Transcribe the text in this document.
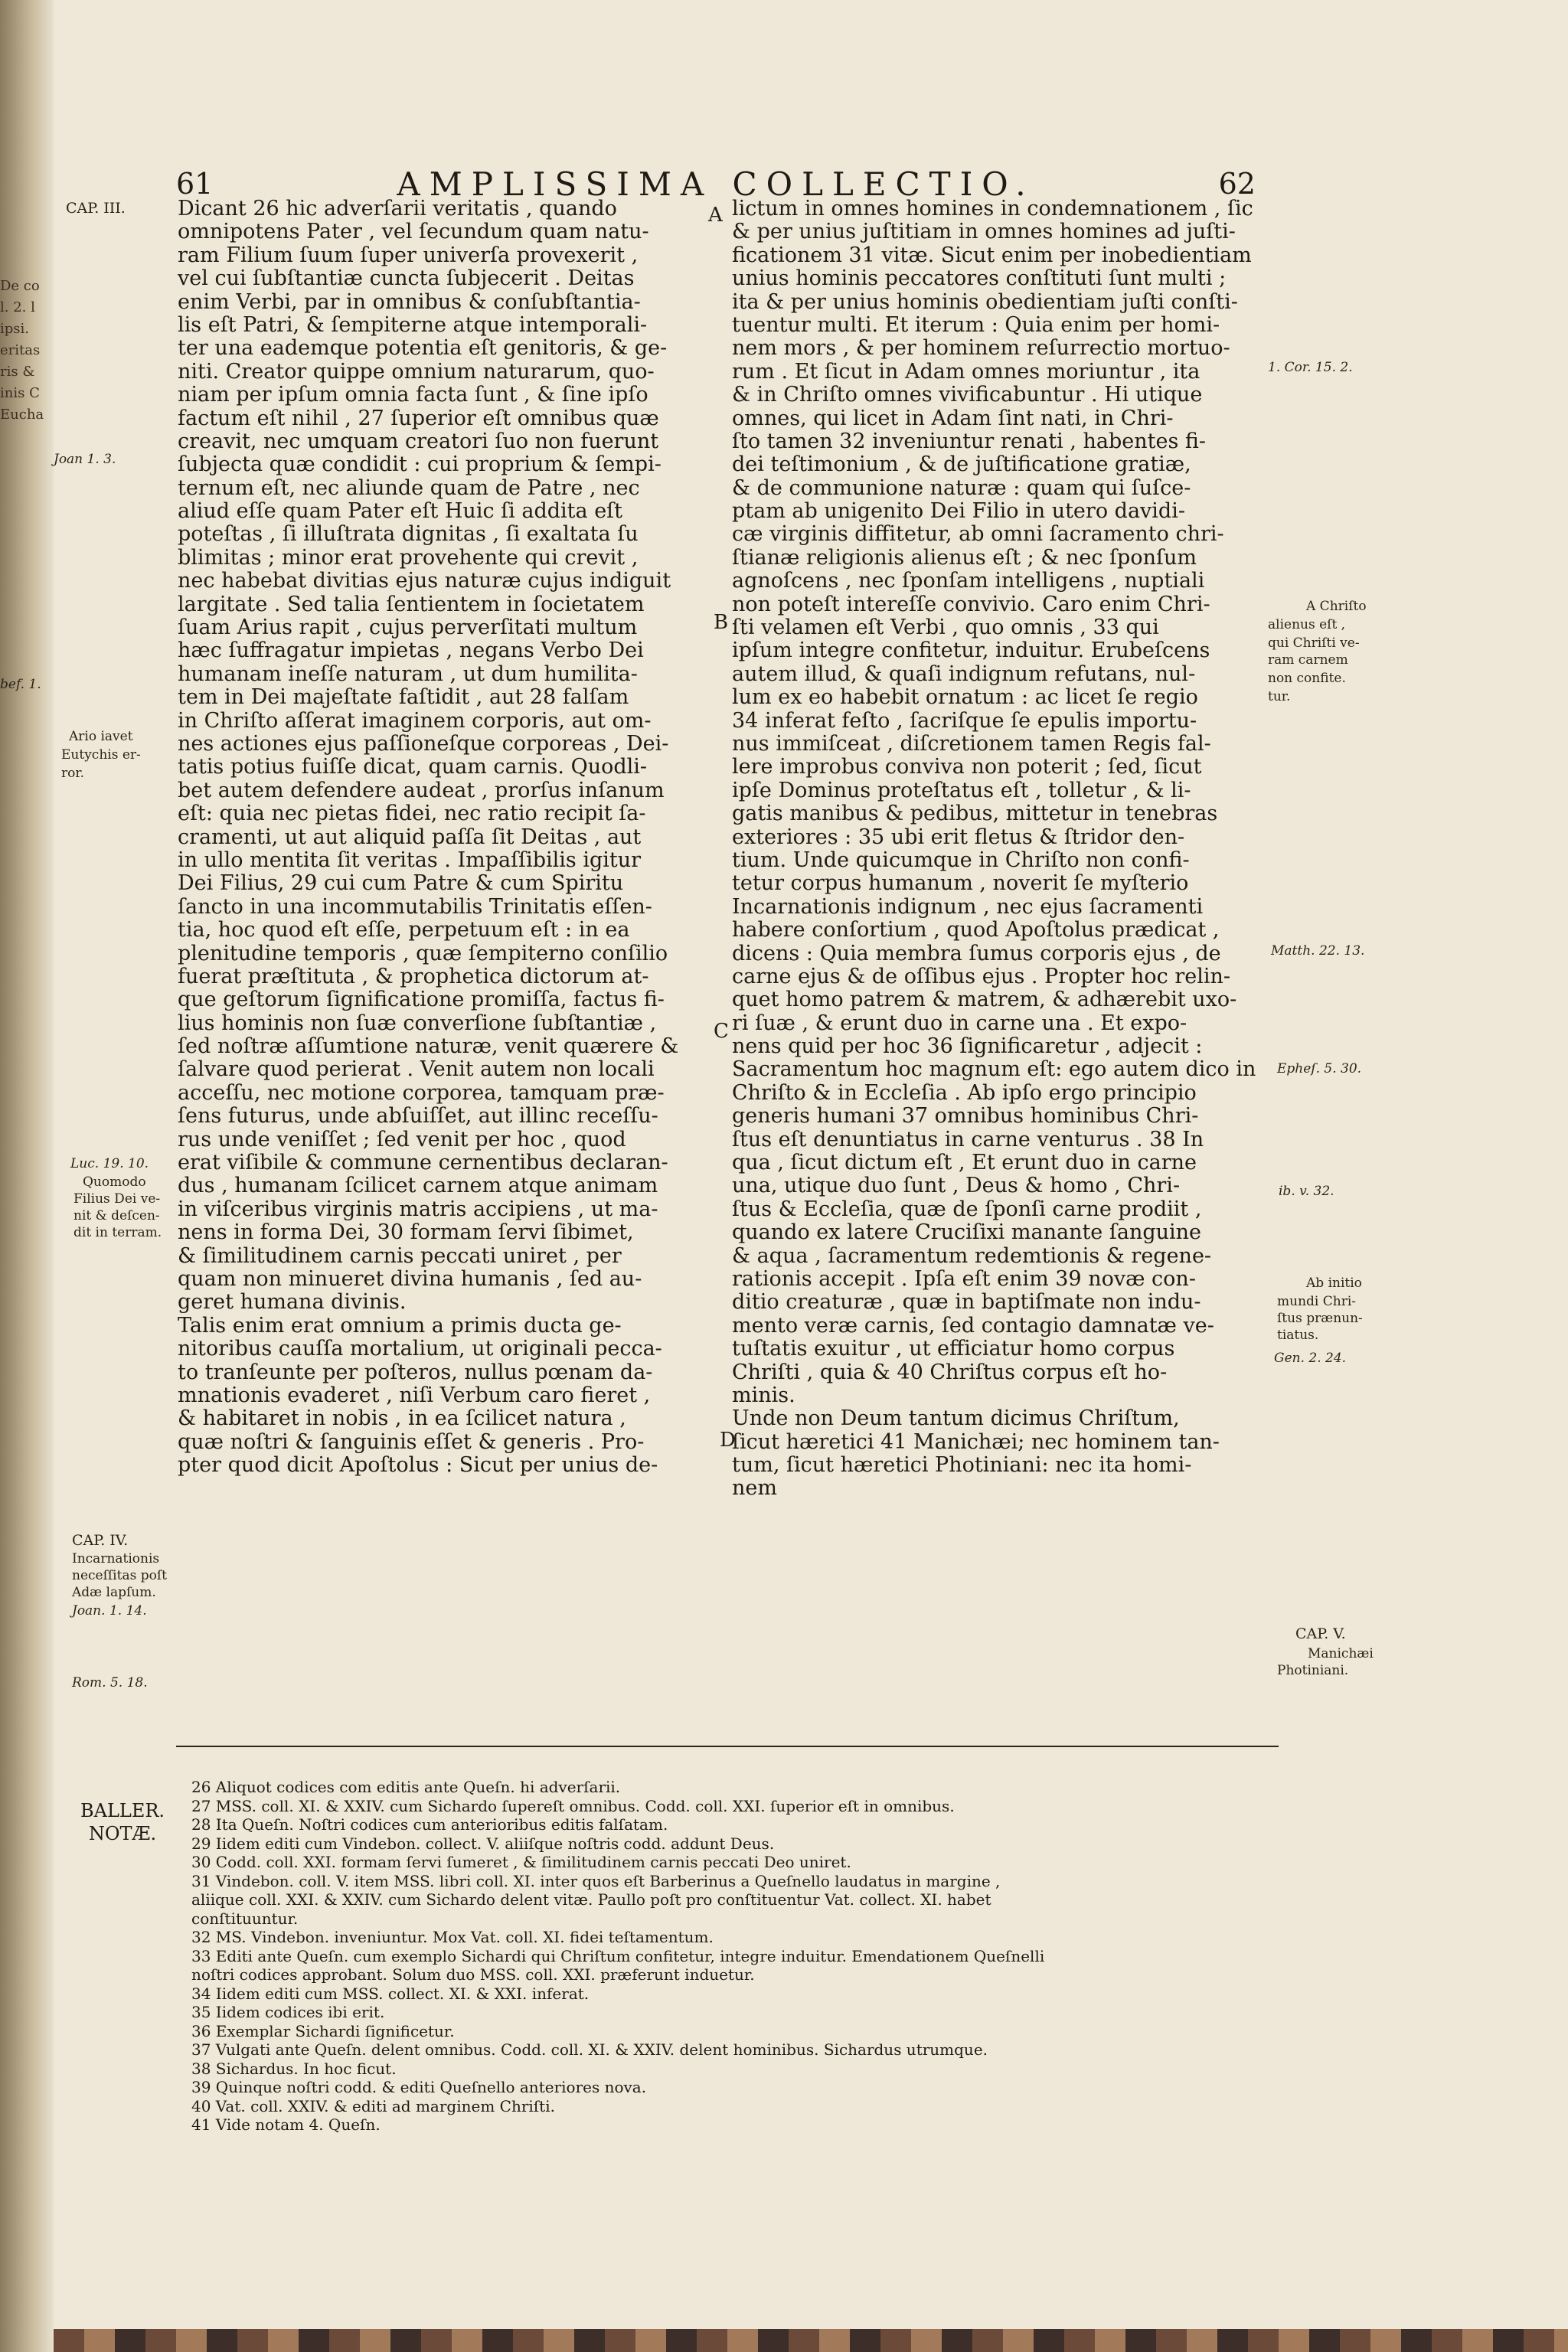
De co
l. 2. l
ipsi.
eritas
ris &
inis C
Eucha
61	AMPLISSIMA COLLECTIO.	62
Dicant 26 hic adverſarii veritatis , quando
omnipotens Pater , vel ſecundum quam natu-
ram Filium ſuum ſuper univerſa provexerit ,
vel cui ſubſtantiæ cuncta ſubjecerit . Deitas
enim Verbi, par in omnibus & conſubſtantia-
lis eſt Patri, & ſempiterne atque intemporali-
ter una eademque potentia eſt genitoris, & ge-
niti. Creator quippe omnium naturarum, quo-
niam per ipſum omnia facta ſunt , & ſine ipſo
factum eſt nihil , 27 ſuperior eſt omnibus quæ
creavit, nec umquam creatori ſuo non fuerunt
ſubjecta quæ condidit : cui proprium & ſempi-
ternum eſt, nec aliunde quam de Patre , nec
aliud eſſe quam Pater eſt Huic ſi addita eſt
poteſtas , ſi illuſtrata dignitas , ſi exaltata ſu
blimitas ; minor erat provehente qui crevit ,
nec habebat divitias ejus naturæ cujus indiguit
largitate . Sed talia ſentientem in ſocietatem
ſuam Arius rapit , cujus perverſitati multum
hæc ſuffragatur impietas , negans Verbo Dei
humanam ineſſe naturam , ut dum humilita-
tem in Dei majeſtate faſtidit , aut 28 falſam
in Chriſto aſſerat imaginem corporis, aut om-
nes actiones ejus paſſioneſque corporeas , Dei-
tatis potius fuiſſe dicat, quam carnis. Quodli-
bet autem defendere audeat , prorſus inſanum
eſt: quia nec pietas fidei, nec ratio recipit ſa-
cramenti, ut aut aliquid paſſa ſit Deitas , aut
in ullo mentita ſit veritas . Impaſſibilis igitur
Dei Filius, 29 cui cum Patre & cum Spiritu
ſancto in una incommutabilis Trinitatis eſſen-
tia, hoc quod eſt eſſe, perpetuum eſt : in ea
plenitudine temporis , quæ ſempiterno conſilio
fuerat præſtituta , & prophetica dictorum at-
que geſtorum ſignificatione promiſſa, factus fi-
lius hominis non ſuæ converſione ſubſtantiæ ,
ſed noſtræ aſſumtione naturæ, venit quærere &
ſalvare quod perierat . Venit autem non locali
acceſſu, nec motione corporea, tamquam præ-
ſens futurus, unde abſuiſſet, aut illinc receſſu-
rus unde veniſſet ; ſed venit per hoc , quod
erat viſibile & commune cernentibus declaran-
dus , humanam ſcilicet carnem atque animam
in viſceribus virginis matris accipiens , ut ma-
nens in forma Dei, 30 formam ſervi ſibimet,
& ſimilitudinem carnis peccati uniret , per
quam non minueret divina humanis , ſed au-
geret humana divinis.
Talis enim erat omnium a primis ducta ge-
nitoribus cauſſa mortalium, ut originali pecca-
to tranſeunte per poſteros, nullus pœnam da-
mnationis evaderet , niſi Verbum caro fieret ,
& habitaret in nobis , in ea ſcilicet natura ,
quæ noſtri & ſanguinis eſſet & generis . Pro-
pter quod dicit Apoſtolus : Sicut per unius de-
lictum in omnes homines in condemnationem , ſic
& per unius juſtitiam in omnes homines ad juſti-
ficationem 31 vitæ. Sicut enim per inobedientiam
unius hominis peccatores conſtituti ſunt multi ;
ita & per unius hominis obedientiam juſti conſti-
tuentur multi. Et iterum : Quia enim per homi-
nem mors , & per hominem reſurrectio mortuo-
rum . Et ſicut in Adam omnes moriuntur , ita
& in Chriſto omnes vivificabuntur . Hi utique
omnes, qui licet in Adam ſint nati, in Chri-
ſto tamen 32 inveniuntur renati , habentes fi-
dei teſtimonium , & de juſtificatione gratiæ,
& de communione naturæ : quam qui ſuſce-
ptam ab unigenito Dei Filio in utero davidi-
cæ virginis diffitetur, ab omni ſacramento chri-
ſtianæ religionis alienus eſt ; & nec ſponſum
agnoſcens , nec ſponſam intelligens , nuptiali
non poteſt intereſſe convivio. Caro enim Chri-
ſti velamen eſt Verbi , quo omnis , 33 qui
ipſum integre confitetur, induitur. Erubeſcens
autem illud, & quaſi indignum refutans, nul-
lum ex eo habebit ornatum : ac licet ſe regio
34 inferat feſto , ſacriſque ſe epulis importu-
nus immiſceat , diſcretionem tamen Regis fal-
lere improbus conviva non poterit ; ſed, ſicut
ipſe Dominus proteſtatus eſt , tolletur , & li-
gatis manibus & pedibus, mittetur in tenebras
exteriores : 35 ubi erit fletus & ſtridor den-
tium. Unde quicumque in Chriſto non confi-
tetur corpus humanum , noverit ſe myſterio
Incarnationis indignum , nec ejus ſacramenti
habere conſortium , quod Apoſtolus prædicat ,
dicens : Quia membra ſumus corporis ejus , de
carne ejus & de oſſibus ejus . Propter hoc relin-
quet homo patrem & matrem, & adhærebit uxo-
ri ſuæ , & erunt duo in carne una . Et expo-
nens quid per hoc 36 ſignificaretur , adjecit :
Sacramentum hoc magnum eſt: ego autem dico in
Chriſto & in Eccleſia . Ab ipſo ergo principio
generis humani 37 omnibus hominibus Chri-
ſtus eſt denuntiatus in carne venturus . 38 In
qua , ſicut dictum eſt , Et erunt duo in carne
una, utique duo ſunt , Deus & homo , Chri-
ſtus & Eccleſia, quæ de ſponſi carne prodiit ,
quando ex latere Cruciſixi manante ſanguine
& aqua , ſacramentum redemtionis & regene-
rationis accepit . Ipſa eſt enim 39 novæ con-
ditio creaturæ , quæ in baptiſmate non indu-
mento veræ carnis, ſed contagio damnatæ ve-
tuſtatis exuitur , ut efficiatur homo corpus
Chriſti , quia & 40 Chriſtus corpus eſt ho-
minis.
Unde non Deum tantum dicimus Chriſtum,
ſicut hæretici 41 Manichæi; nec hominem tan-
tum, ſicut hæretici Photiniani: nec ita homi-
nem
A
B
C
D
CAP. III.
Joan 1. 3.
bef. 1.
Ario iavet
Eutychis er-
ror.
Luc. 19. 10.
Quomodo
Filius Dei ve-
nit & deſcen-
dit in terram.
CAP. IV.
Incarnationis
neceſſitas poſt
Adæ lapſum.
Joan. 1. 14.
Rom. 5. 18.
1. Cor. 15. 2.
A Chriſto
alienus eſt ,
qui Chriſti ve-
ram carnem
non confite.
tur.
Matth. 22. 13.
Epheſ. 5. 30.
ib. v. 32.
Ab initio
mundi Chri-
ſtus prænun-
tiatus.
Gen. 2. 24.
CAP. V.
Manichæi
Photiniani.
BALLER.
NOTÆ.
26 Aliquot codices com editis ante Queſn. hi adverſarii.
27 MSS. coll. XI. & XXIV. cum Sichardo ſupereſt omnibus. Codd. coll. XXI. ſuperior eſt in omnibus.
28 Ita Queſn. Noſtri codices cum anterioribus editis falſatam.
29 Iidem editi cum Vindebon. collect. V. aliiſque noſtris codd. addunt Deus.
30 Codd. coll. XXI. formam ſervi ſumeret , & ſimilitudinem carnis peccati Deo uniret.
31 Vindebon. coll. V. item MSS. libri coll. XI. inter quos eſt Barberinus a Queſnello laudatus in margine ,
aliique coll. XXI. & XXIV. cum Sichardo delent vitæ. Paullo poſt pro conſtituentur Vat. collect. XI. habet
conſtituuntur.
32 MS. Vindebon. inveniuntur. Mox Vat. coll. XI. fidei teſtamentum.
33 Editi ante Queſn. cum exemplo Sichardi qui Chriſtum confitetur, integre induitur. Emendationem Queſnelli
noſtri codices approbant. Solum duo MSS. coll. XXI. præferunt induetur.
34 Iidem editi cum MSS. collect. XI. & XXI. inferat.
35 Iidem codices ibi erit.
36 Exemplar Sichardi ſignificetur.
37 Vulgati ante Queſn. delent omnibus. Codd. coll. XI. & XXIV. delent hominibus. Sichardus utrumque.
38 Sichardus. In hoc ficut.
39 Quinque noſtri codd. & editi Queſnello anteriores nova.
40 Vat. coll. XXIV. & editi ad marginem Chriſti.
41 Vide notam 4. Queſn.
